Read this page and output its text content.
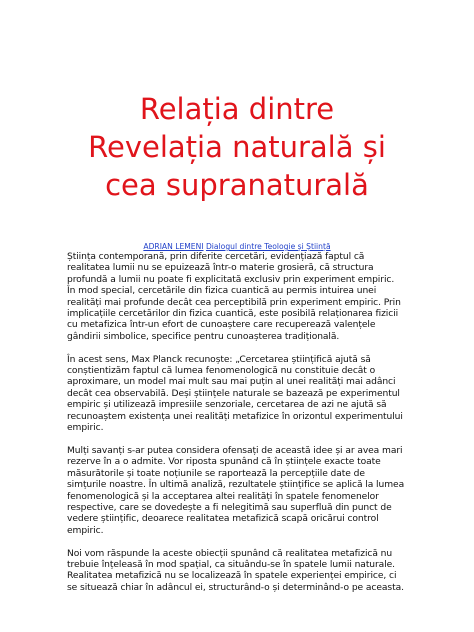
Relația dintre
Revelația naturală și
cea supranaturală

ADRIAN LEMENI Dialogul dintre Teologie și Știință

Știința contemporană, prin diferite cercetări, evidențiază faptul că
realitatea lumii nu se epuizează într-o materie grosieră, că structura
profundă a lumii nu poate fi explicitată exclusiv prin experiment empiric.
În mod special, cercetările din fizica cuantică au permis intuirea unei
realități mai profunde decât cea perceptibilă prin experiment empiric. Prin
implicațiile cercetărilor din fizica cuantică, este posibilă relaționarea fizicii
cu metafizica într-un efort de cunoaștere care recuperează valențele
gândirii simbolice, specifice pentru cunoașterea tradițională.

În acest sens, Max Planck recunoște: „Cercetarea științifică ajută să
conștientizăm faptul că lumea fenomenologică nu constituie decât o
aproximare, un model mai mult sau mai puțin al unei realități mai adânci
decât cea observabilă. Deși științele naturale se bazează pe experimentul
empiric și utilizează impresiile senzoriale, cercetarea de azi ne ajută să
recunoaștem existența unei realități metafizice în orizontul experimentului
empiric.

Mulți savanți s-ar putea considera ofensați de această idee și ar avea mari
rezerve în a o admite. Vor riposta spunând că în științele exacte toate
măsurătorile și toate noțiunile se raportează la percepțiile date de
simțurile noastre. În ultimă analiză, rezultatele științifice se aplică la lumea
fenomenologică și la acceptarea altei realități în spatele fenomenelor
respective, care se dovedește a fi nelegitimă sau superfluă din punct de
vedere științific, deoarece realitatea metafizică scapă oricărui control
empiric.

Noi vom răspunde la aceste obiecții spunând că realitatea metafizică nu
trebuie înțeleasă în mod spațial, ca situându-se în spatele lumii naturale.
Realitatea metafizică nu se localizează în spatele experienței empirice, ci
se situează chiar în adâncul ei, structurând-o și determinând-o pe aceasta.
